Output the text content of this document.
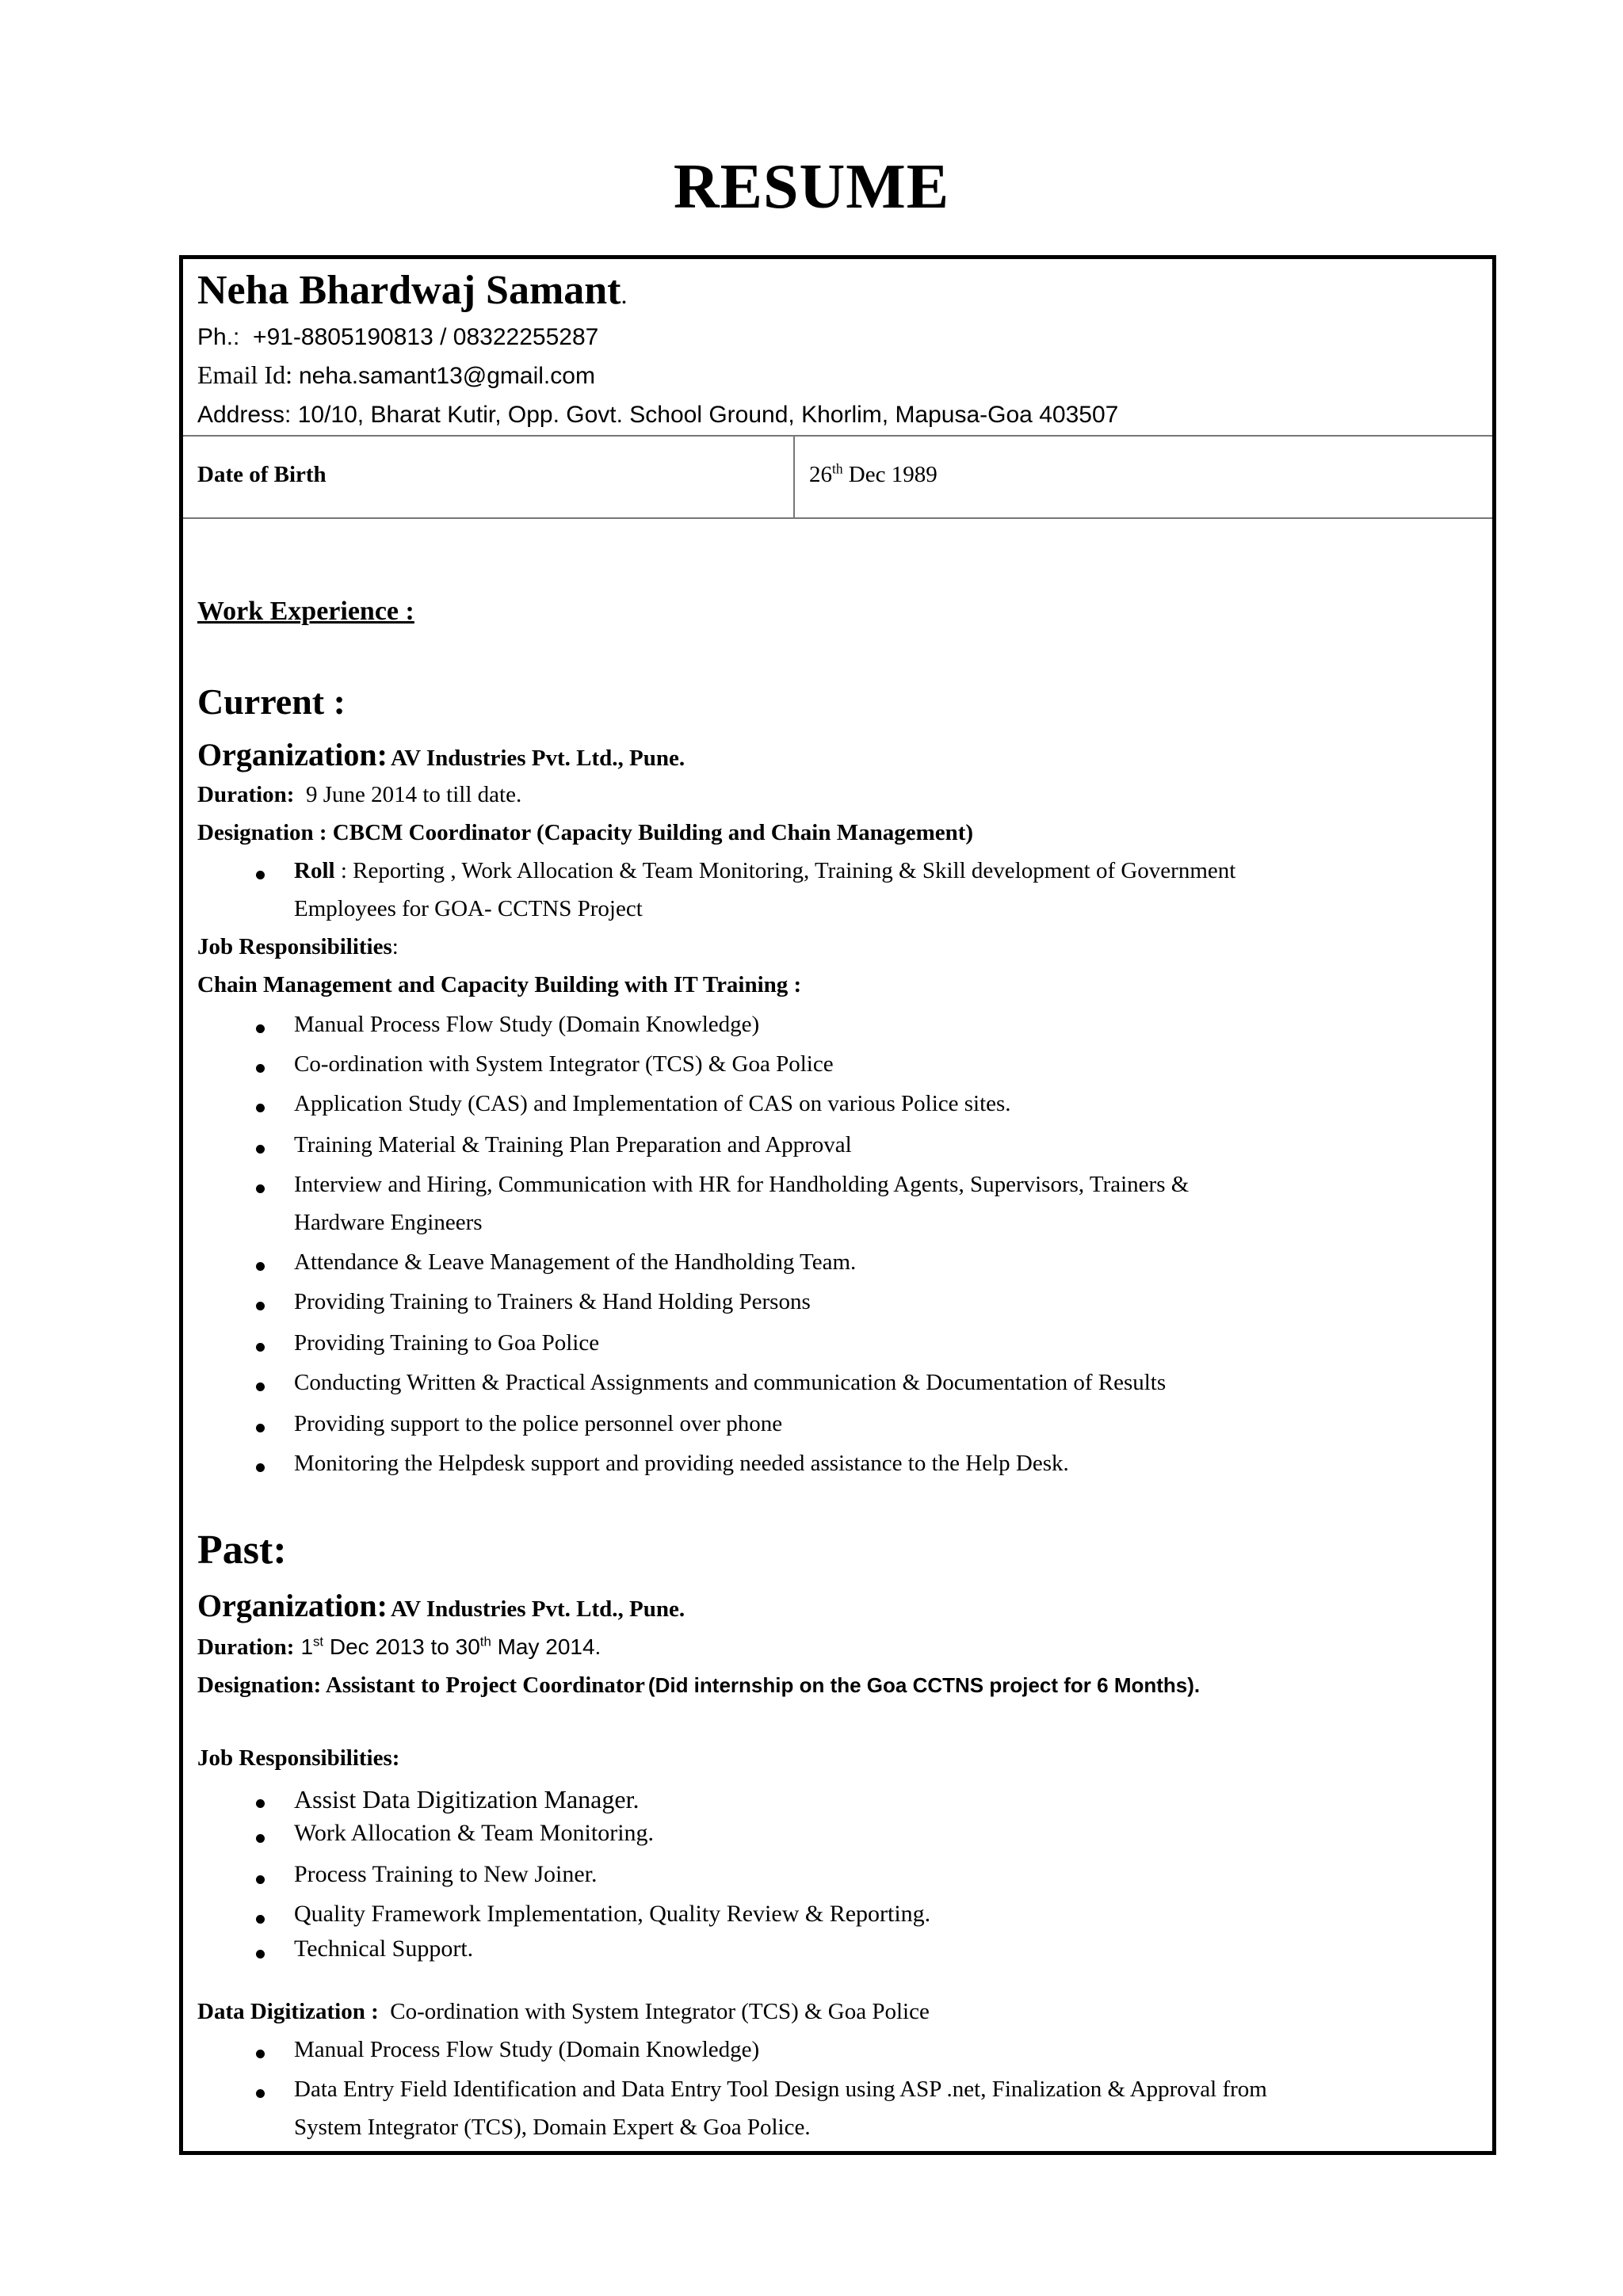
RESUME
Neha Bhardwaj Samant.
Ph.: +91-8805190813 / 08322255287
Email Id: neha.samant13@gmail.com
Address: 10/10, Bharat Kutir, Opp. Govt. School Ground, Khorlim, Mapusa-Goa 403507
Date of Birth	26th Dec 1989
Work Experience :
Current :
Organization: AV Industries Pvt. Ltd., Pune.
Duration: 9 June 2014 to till date.
Designation : CBCM Coordinator (Capacity Building and Chain Management)
Roll : Reporting , Work Allocation & Team Monitoring, Training & Skill development of Government
Employees for GOA- CCTNS Project
Job Responsibilities:
Chain Management and Capacity Building with IT Training :
Manual Process Flow Study (Domain Knowledge)
Co-ordination with System Integrator (TCS) & Goa Police
Application Study (CAS) and Implementation of CAS on various Police sites.
Training Material & Training Plan Preparation and Approval
Interview and Hiring, Communication with HR for Handholding Agents, Supervisors, Trainers &
Hardware Engineers
Attendance & Leave Management of the Handholding Team.
Providing Training to Trainers & Hand Holding Persons
Providing Training to Goa Police
Conducting Written & Practical Assignments and communication & Documentation of Results
Providing support to the police personnel over phone
Monitoring the Helpdesk support and providing needed assistance to the Help Desk.
Past:
Organization: AV Industries Pvt. Ltd., Pune.
Duration: 1st Dec 2013 to 30th May 2014.
Designation: Assistant to Project Coordinator (Did internship on the Goa CCTNS project for 6 Months).
Job Responsibilities:
Assist Data Digitization Manager.
Work Allocation & Team Monitoring.
Process Training to New Joiner.
Quality Framework Implementation, Quality Review & Reporting.
Technical Support.
Data Digitization : Co-ordination with System Integrator (TCS) & Goa Police
Manual Process Flow Study (Domain Knowledge)
Data Entry Field Identification and Data Entry Tool Design using ASP .net, Finalization & Approval from
System Integrator (TCS), Domain Expert & Goa Police.
